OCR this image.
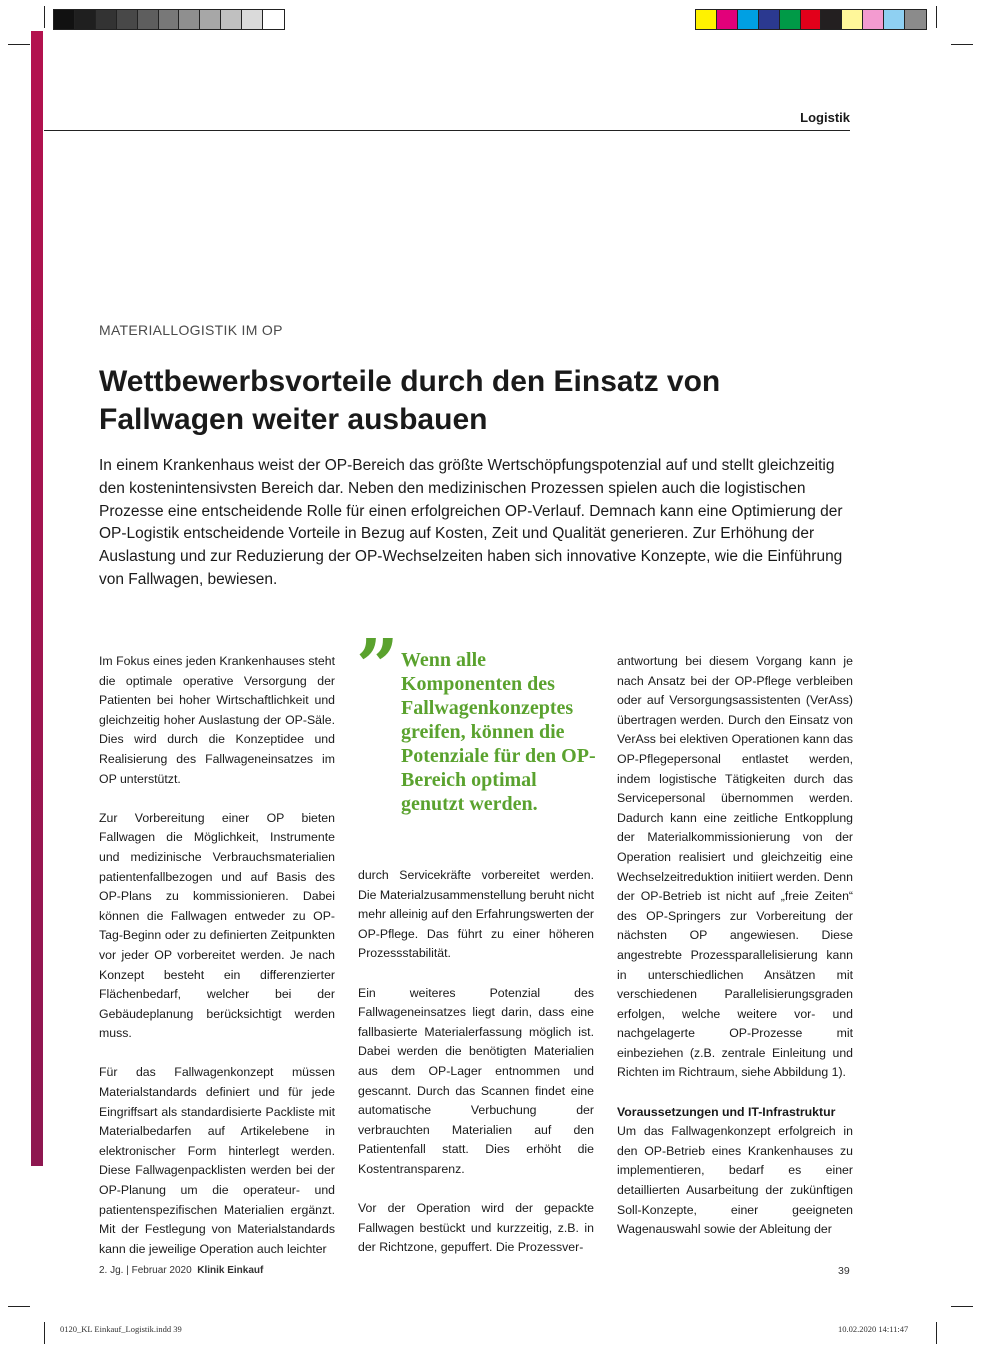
Logistik
MATERIALLOGISTIK IM OP
Wettbewerbsvorteile durch den Einsatz von Fallwagen weiter ausbauen

In einem Krankenhaus weist der OP-Bereich das größte Wertschöpfungspotenzial auf und stellt gleichzeitig den kostenintensivsten Bereich dar. Neben den medizinischen Prozessen spielen auch die logistischen Prozesse eine entscheidende Rolle für einen erfolgreichen OP-Verlauf. Demnach kann eine Optimierung der OP-Logistik entscheidende Vorteile in Bezug auf Kosten, Zeit und Qualität generieren. Zur Erhöhung der Auslastung und zur Reduzierung der OP-Wechselzeiten haben sich innovative Konzepte, wie die Einführung von Fallwagen, bewiesen.

Im Fokus eines jeden Krankenhauses steht die optimale operative Versorgung der Patienten bei hoher Wirtschaftlichkeit und gleichzeitig hoher Auslastung der OP-Säle. Dies wird durch die Konzeptidee und Realisierung des Fallwageneinsatzes im OP unterstützt.

Zur Vorbereitung einer OP bieten Fallwagen die Möglichkeit, Instrumente und medizinische Verbrauchsmaterialien patientenfallbezogen und auf Basis des OP-Plans zu kommissionieren. Dabei können die Fallwagen entweder zu OP-Tag-Beginn oder zu definierten Zeitpunkten vor jeder OP vorbereitet werden. Je nach Konzept besteht ein differenzierter Flächenbedarf, welcher bei der Gebäudeplanung berücksichtigt werden muss.

Für das Fallwagenkonzept müssen Materialstandards definiert und für jede Eingriffsart als standardisierte Packliste mit Materialbedarfen auf Artikelebene in elektronischer Form hinterlegt werden. Diese Fallwagenpacklisten werden bei der OP-Planung um die operateur- und patientenspezifischen Materialien ergänzt. Mit der Festlegung von Materialstandards kann die jeweilige Operation auch leichter

” Wenn alle Komponenten des Fallwagenkonzeptes greifen, können die Potenziale für den OP-Bereich optimal genutzt werden.

durch Servicekräfte vorbereitet werden. Die Materialzusammenstellung beruht nicht mehr alleinig auf den Erfahrungswerten der OP-Pflege. Das führt zu einer höheren Prozessstabilität.

Ein weiteres Potenzial des Fallwageneinsatzes liegt darin, dass eine fallbasierte Materialerfassung möglich ist. Dabei werden die benötigten Materialien aus dem OP-Lager entnommen und gescannt. Durch das Scannen findet eine automatische Verbuchung der verbrauchten Materialien auf den Patientenfall statt. Dies erhöht die Kostentransparenz.

Vor der Operation wird der gepackte Fallwagen bestückt und kurzzeitig, z.B. in der Richtzone, gepuffert. Die Prozessver-

antwortung bei diesem Vorgang kann je nach Ansatz bei der OP-Pflege verbleiben oder auf Versorgungsassistenten (VerAss) übertragen werden. Durch den Einsatz von VerAss bei elektiven Operationen kann das OP-Pflegepersonal entlastet werden, indem logistische Tätigkeiten durch das Servicepersonal übernommen werden. Dadurch kann eine zeitliche Entkopplung der Materialkommissionierung von der Operation realisiert und gleichzeitig eine Wechselzeitreduktion initiiert werden. Denn der OP-Betrieb ist nicht auf „freie Zeiten“ des OP-Springers zur Vorbereitung der nächsten OP angewiesen. Diese angestrebte Prozessparallelisierung kann in unterschiedlichen Ansätzen mit verschiedenen Parallelisierungsgraden erfolgen, welche weitere vor- und nachgelagerte OP-Prozesse mit einbeziehen (z.B. zentrale Einleitung und Richten im Richtraum, siehe Abbildung 1).

Voraussetzungen und IT-Infrastruktur

Um das Fallwagenkonzept erfolgreich in den OP-Betrieb eines Krankenhauses zu implementieren, bedarf es einer detaillierten Ausarbeitung der zukünftigen Soll-Konzepte, einer geeigneten Wagenauswahl sowie der Ableitung der

2. Jg. | Februar 2020 Klinik Einkauf	39
0120_KL Einkauf_Logistik.indd 39	10.02.2020 14:11:47
